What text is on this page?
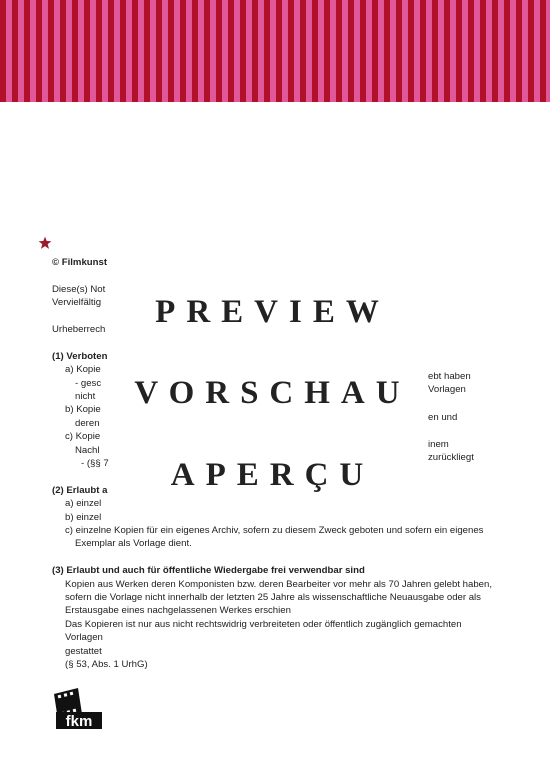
© Filmkunst

Diese(s) Not

Vervielfältig

Urheberrech

(1) Verboten

a) Kopie

- gesc

nicht

b) Kopie

deren

c) Kopie

Nachl

- (§§ 7

(2) Erlaubt a

a) einzel

b) einzel

c) einzelne Kopien für ein eigenes Archiv, sofern zu diesem Zweck geboten und sofern ein eigenes

Exemplar als Vorlage dient.

(3) Erlaubt und auch für öffentliche Wiedergabe frei verwendbar sind

Kopien aus Werken deren Komponisten bzw. deren Bearbeiter vor mehr als 70 Jahren gelebt haben,

sofern die Vorlage nicht innerhalb der letzten 25 Jahre als wissenschaftliche Neuausgabe oder als

Erstausgabe eines nachgelassenen Werkes erschien

Das Kopieren ist nur aus nicht rechtswidrig verbreiteten oder öffentlich zugänglich gemachten Vorlagen

gestattet

(§ 53, Abs. 1 UrhG)

ebt haben
Vorlagen
en und
inem
zurückliegt
PREVIEW
VORSCHAU
APERÇU
fkm
